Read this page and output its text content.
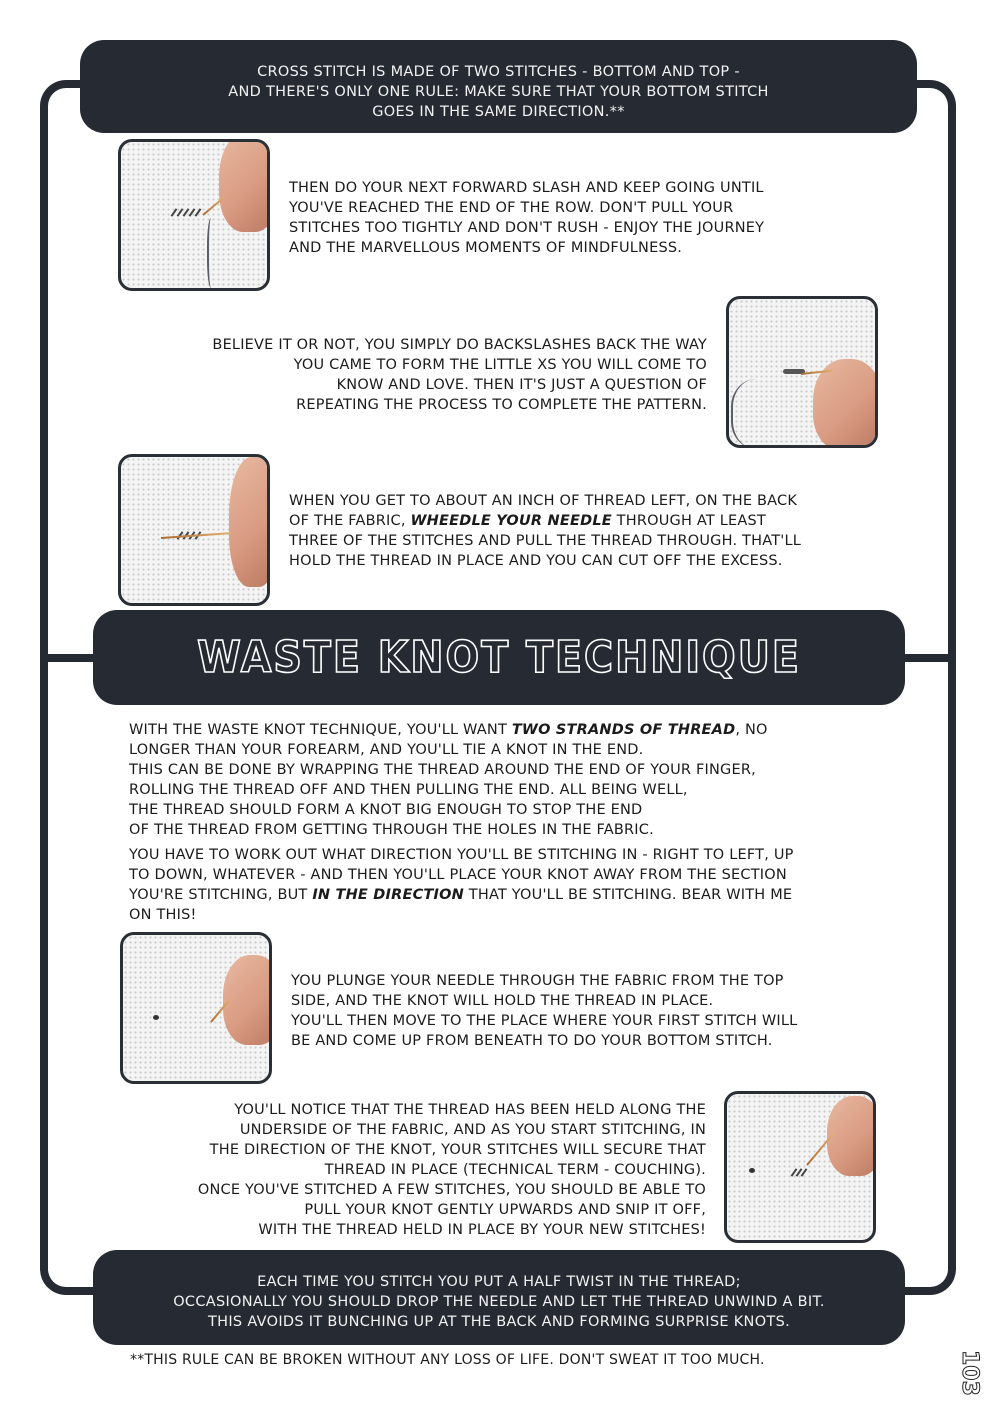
CROSS STITCH IS MADE OF TWO STITCHES - BOTTOM AND TOP -
AND THERE'S ONLY ONE RULE: MAKE SURE THAT YOUR BOTTOM STITCH
GOES IN THE SAME DIRECTION.**
THEN DO YOUR NEXT FORWARD SLASH AND KEEP GOING UNTIL
YOU'VE REACHED THE END OF THE ROW. DON'T PULL YOUR
STITCHES TOO TIGHTLY AND DON'T RUSH - ENJOY THE JOURNEY
AND THE MARVELLOUS MOMENTS OF MINDFULNESS.
BELIEVE IT OR NOT, YOU SIMPLY DO BACKSLASHES BACK THE WAY
YOU CAME TO FORM THE LITTLE XS YOU WILL COME TO
KNOW AND LOVE. THEN IT'S JUST A QUESTION OF
REPEATING THE PROCESS TO COMPLETE THE PATTERN.
WHEN YOU GET TO ABOUT AN INCH OF THREAD LEFT, ON THE BACK
OF THE FABRIC, WHEEDLE YOUR NEEDLE THROUGH AT LEAST
THREE OF THE STITCHES AND PULL THE THREAD THROUGH. THAT'LL
HOLD THE THREAD IN PLACE AND YOU CAN CUT OFF THE EXCESS.
WASTE KNOT TECHNIQUE
WITH THE WASTE KNOT TECHNIQUE, YOU'LL WANT TWO STRANDS OF THREAD, NO
LONGER THAN YOUR FOREARM, AND YOU'LL TIE A KNOT IN THE END.
THIS CAN BE DONE BY WRAPPING THE THREAD AROUND THE END OF YOUR FINGER,
ROLLING THE THREAD OFF AND THEN PULLING THE END. ALL BEING WELL,
THE THREAD SHOULD FORM A KNOT BIG ENOUGH TO STOP THE END
OF THE THREAD FROM GETTING THROUGH THE HOLES IN THE FABRIC.
YOU HAVE TO WORK OUT WHAT DIRECTION YOU'LL BE STITCHING IN - RIGHT TO LEFT, UP
TO DOWN, WHATEVER - AND THEN YOU'LL PLACE YOUR KNOT AWAY FROM THE SECTION
YOU'RE STITCHING, BUT IN THE DIRECTION THAT YOU'LL BE STITCHING. BEAR WITH ME
ON THIS!
YOU PLUNGE YOUR NEEDLE THROUGH THE FABRIC FROM THE TOP
SIDE, AND THE KNOT WILL HOLD THE THREAD IN PLACE.
YOU'LL THEN MOVE TO THE PLACE WHERE YOUR FIRST STITCH WILL
BE AND COME UP FROM BENEATH TO DO YOUR BOTTOM STITCH.
YOU'LL NOTICE THAT THE THREAD HAS BEEN HELD ALONG THE
UNDERSIDE OF THE FABRIC, AND AS YOU START STITCHING, IN
THE DIRECTION OF THE KNOT, YOUR STITCHES WILL SECURE THAT
THREAD IN PLACE (TECHNICAL TERM - COUCHING).
ONCE YOU'VE STITCHED A FEW STITCHES, YOU SHOULD BE ABLE TO
PULL YOUR KNOT GENTLY UPWARDS AND SNIP IT OFF,
WITH THE THREAD HELD IN PLACE BY YOUR NEW STITCHES!
EACH TIME YOU STITCH YOU PUT A HALF TWIST IN THE THREAD;
OCCASIONALLY YOU SHOULD DROP THE NEEDLE AND LET THE THREAD UNWIND A BIT.
THIS AVOIDS IT BUNCHING UP AT THE BACK AND FORMING SURPRISE KNOTS.
**THIS RULE CAN BE BROKEN WITHOUT ANY LOSS OF LIFE. DON'T SWEAT IT TOO MUCH.	103
